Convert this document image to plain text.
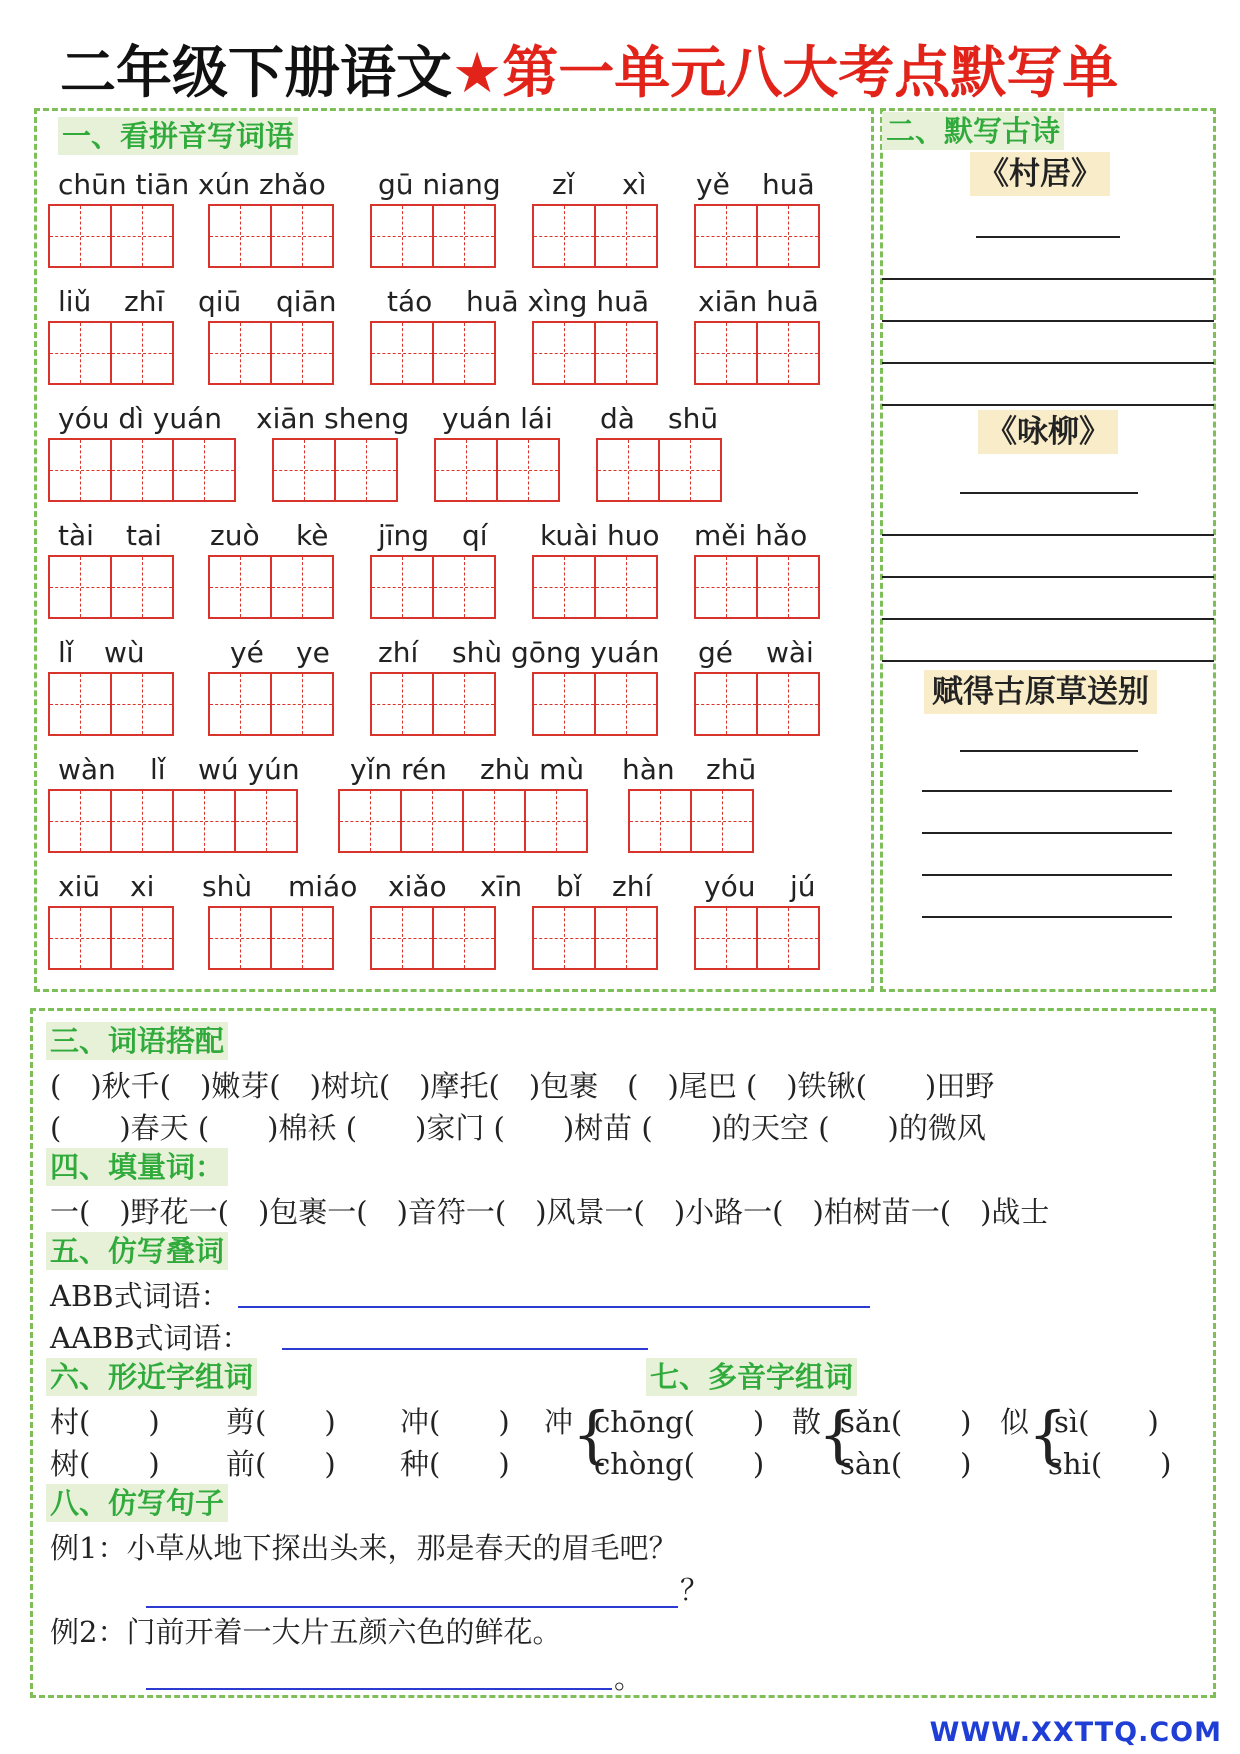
二年级下册语文★第一单元八大考点默写单
一、看拼音写词语
chūn tiān xún zhǎo gū niang zǐ xì yě huā
liǔ zhī qiū qiān táo huā xìng huā xiān huā
yóu dì yuán xiān sheng yuán lái dà shū
tài tai zuò kè jīng qí kuài huo měi hǎo
lǐ wù	yé ye zhí shù gōng yuán gé wài
wàn lǐ wú yún yǐn rén zhù mù hàn zhū
xiū xi shù miáo xiǎo xīn bǐ zhí yóu jú
二、默写古诗
《村居》
《咏柳》
赋得古原草送别
三、词语搭配
(　)秋千(　)嫩芽(　)树坑(　)摩托(　)包裹　(　)尾巴 (　)铁锹(　　)田野
(　　)春天 (　　)棉袄 (　　)家门 (　　)树苗 (　　)的天空 (　　)的微风
四、填量词：
一(　)野花一(　)包裹一(　)音符一(　)风景一(　)小路一(　)柏树苗一(　)战士
五、仿写叠词
ABB式词语：
AABB式词语：
六、形近字组词
村(　　) 剪(　　) 冲(　　)
树(　　) 前(　　) 种(　　)
七、多音字组词
冲
{
chōng(　　)
chòng(　　)
散
{
sǎn(　　)
sàn(　　)
似
{
sì(　　)
shi(　　)
八、仿写句子
例1：小草从地下探出头来，那是春天的眉毛吧？
？
例2：门前开着一大片五颜六色的鲜花。
。
WWW.XXTTQ.COM
